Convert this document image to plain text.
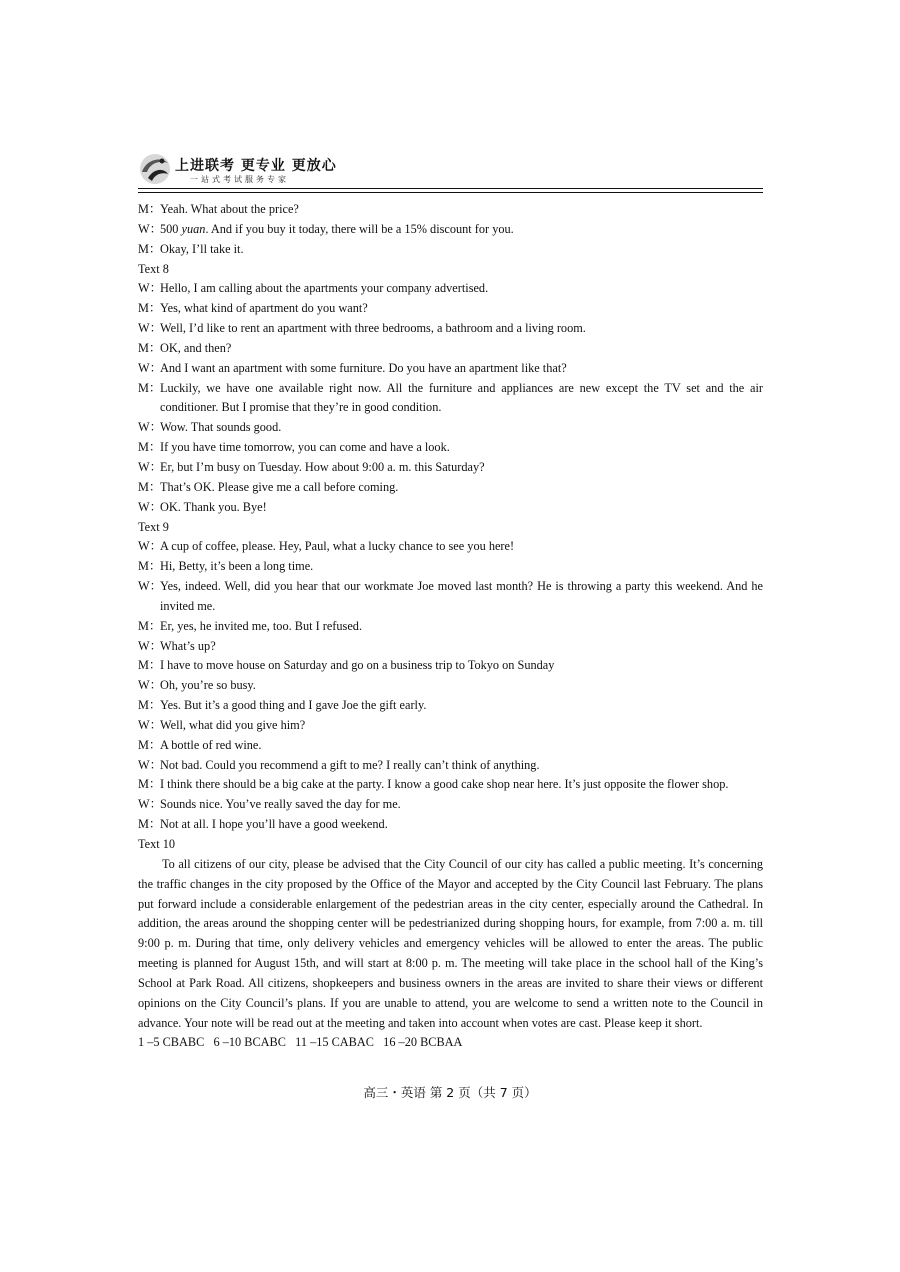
上进联考 更专业 更放心
一站式考试服务专家
M：
Yeah. What about the price?
W：
500 yuan. And if you buy it today, there will be a 15% discount for you.
M：
Okay, I’ll take it.
Text 8
W：
Hello, I am calling about the apartments your company advertised.
M：
Yes, what kind of apartment do you want?
W：
Well, I’d like to rent an apartment with three bedrooms, a bathroom and a living room.
M：
OK, and then?
W：
And I want an apartment with some furniture. Do you have an apartment like that?
M：
Luckily, we have one available right now. All the furniture and appliances are new except the TV set and the air conditioner. But I promise that they’re in good condition.
W：
Wow. That sounds good.
M：
If you have time tomorrow, you can come and have a look.
W：
Er, but I’m busy on Tuesday. How about 9:00 a. m. this Saturday?
M：
That’s OK. Please give me a call before coming.
W：
OK. Thank you. Bye!
Text 9
W：
A cup of coffee, please. Hey, Paul, what a lucky chance to see you here!
M：
Hi, Betty, it’s been a long time.
W：
Yes, indeed. Well, did you hear that our workmate Joe moved last month? He is throwing a party this weekend. And he invited me.
M：
Er, yes, he invited me, too. But I refused.
W：
What’s up?
M：
I have to move house on Saturday and go on a business trip to Tokyo on Sunday
W：
Oh, you’re so busy.
M：
Yes. But it’s a good thing and I gave Joe the gift early.
W：
Well, what did you give him?
M：
A bottle of red wine.
W：
Not bad. Could you recommend a gift to me? I really can’t think of anything.
M：
I think there should be a big cake at the party. I know a good cake shop near here. It’s just opposite the flower shop.
W：
Sounds nice. You’ve really saved the day for me.
M：
Not at all. I hope you’ll have a good weekend.
Text 10
To all citizens of our city, please be advised that the City Council of our city has called a public meeting. It’s concerning the traffic changes in the city proposed by the Office of the Mayor and accepted by the City Council last February. The plans put forward include a considerable enlargement of the pedestrian areas in the city center, especially around the Cathedral. In addition, the areas around the shopping center will be pedestrianized during shopping hours, for example, from 7:00 a. m. till 9:00 p. m. During that time, only delivery vehicles and emergency vehicles will be allowed to enter the areas. The public meeting is planned for August 15th, and will start at 8:00 p. m. The meeting will take place in the school hall of the King’s School at Park Road. All citizens, shopkeepers and business owners in the areas are invited to share their views or different opinions on the City Council’s plans. If you are unable to attend, you are welcome to send a written note to the Council in advance. Your note will be read out at the meeting and taken into account when votes are cast. Please keep it short.
1 –5 CBABC   6 –10 BCABC   11 –15 CABAC   16 –20 BCBAA
高三・英语 第 2 页（共 7 页）
